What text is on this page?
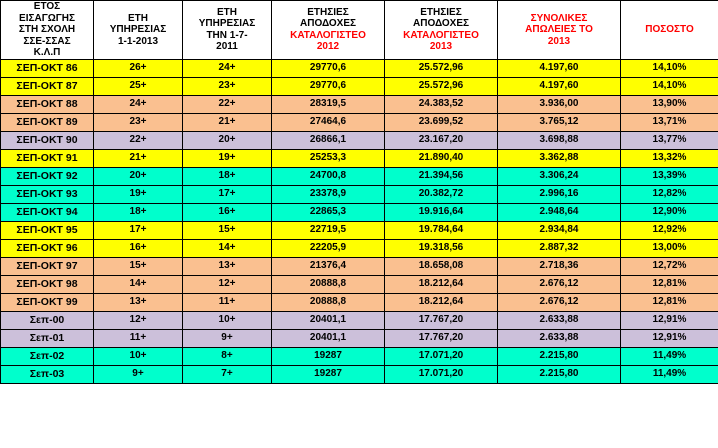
ΕΤΟΣ
ΕΙΣΑΓΩΓΗΣ
ΣΤΗ ΣΧΟΛΗ
ΣΣΕ-ΣΣΑΣ
Κ.Λ.Π

ΕΤΗ
ΥΠΗΡΕΣΙΑΣ
1-1-2013

ΕΤΗ
ΥΠΗΡΕΣΙΑΣ
ΤΗΝ 1-7-
2011

ΕΤΗΣΙΕΣ
ΑΠΟΔΟΧΕΣ
ΚΑΤΑΛΟΓΙΣΤΕΟ
2012

ΕΤΗΣΙΕΣ
ΑΠΟΔΟΧΕΣ
ΚΑΤΑΛΟΓΙΣΤΕΟ
2013

ΣΥΝΟΛΙΚΕΣ
ΑΠΩΛΕΙΕΣ ΤΟ
2013

ΠΟΣΟΣΤΟ

ΣΕΠ-ΟΚΤ 86	26+	24+	29770,6	25.572,96	4.197,60	14,10%
ΣΕΠ-ΟΚΤ 87	25+	23+	29770,6	25.572,96	4.197,60	14,10%
ΣΕΠ-ΟΚΤ 88	24+	22+	28319,5	24.383,52	3.936,00	13,90%
ΣΕΠ-ΟΚΤ 89	23+	21+	27464,6	23.699,52	3.765,12	13,71%
ΣΕΠ-ΟΚΤ 90	22+	20+	26866,1	23.167,20	3.698,88	13,77%
ΣΕΠ-ΟΚΤ 91	21+	19+	25253,3	21.890,40	3.362,88	13,32%
ΣΕΠ-ΟΚΤ 92	20+	18+	24700,8	21.394,56	3.306,24	13,39%
ΣΕΠ-ΟΚΤ 93	19+	17+	23378,9	20.382,72	2.996,16	12,82%
ΣΕΠ-ΟΚΤ 94	18+	16+	22865,3	19.916,64	2.948,64	12,90%
ΣΕΠ-ΟΚΤ 95	17+	15+	22719,5	19.784,64	2.934,84	12,92%
ΣΕΠ-ΟΚΤ 96	16+	14+	22205,9	19.318,56	2.887,32	13,00%
ΣΕΠ-ΟΚΤ 97	15+	13+	21376,4	18.658,08	2.718,36	12,72%
ΣΕΠ-ΟΚΤ 98	14+	12+	20888,8	18.212,64	2.676,12	12,81%
ΣΕΠ-ΟΚΤ 99	13+	11+	20888,8	18.212,64	2.676,12	12,81%
Σεπ-00	12+	10+	20401,1	17.767,20	2.633,88	12,91%
Σεπ-01	11+	9+	20401,1	17.767,20	2.633,88	12,91%
Σεπ-02	10+	8+	19287	17.071,20	2.215,80	11,49%
Σεπ-03	9+	7+	19287	17.071,20	2.215,80	11,49%
